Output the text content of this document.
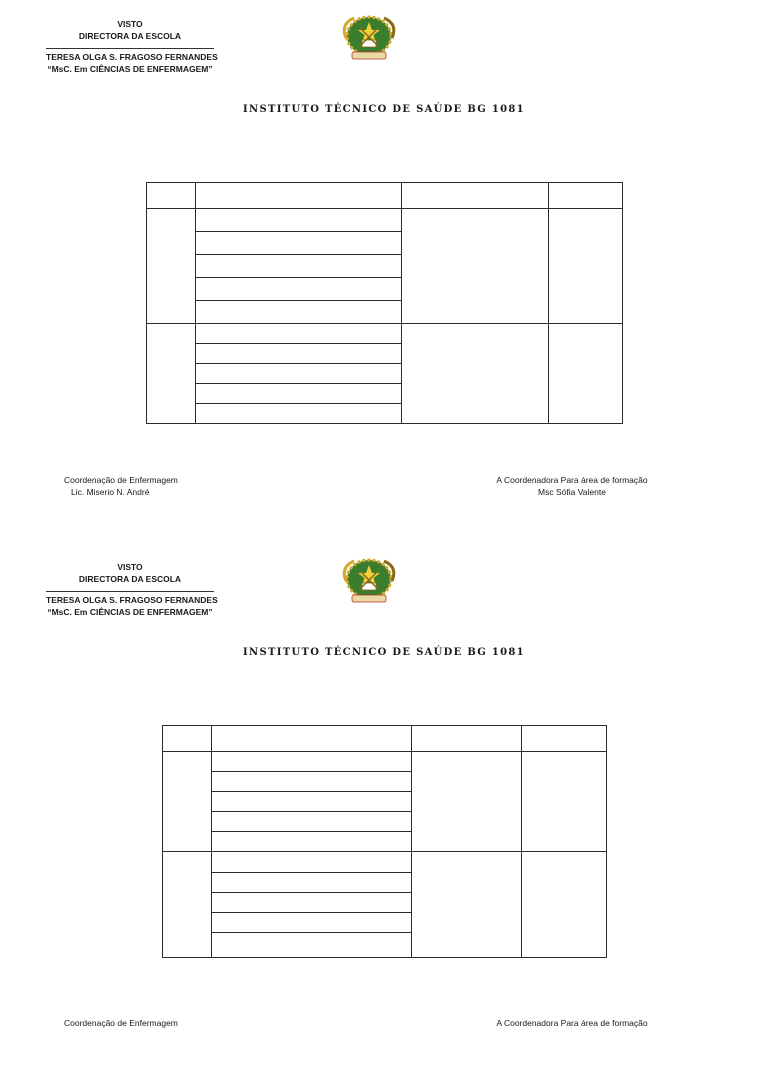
VISTO
DIRECTORA DA ESCOLA
TERESA OLGA S. FRAGOSO FERNANDES
“MsC. Em CIÊNCIAS DE ENFERMAGEM”
INSTITUTO TÉCNICO DE SAÚDE BG 1081

Coordenação de Enfermagem
Lic. Miserio N. André
A Coordenadora Para área de formação
Msc Sófia Valente
VISTO
DIRECTORA DA ESCOLA
TERESA OLGA S. FRAGOSO FERNANDES
“MsC. Em CIÊNCIAS DE ENFERMAGEM”
INSTITUTO TÉCNICO DE SAÚDE BG 1081

Coordenação de Enfermagem	A Coordenadora Para área de formação
